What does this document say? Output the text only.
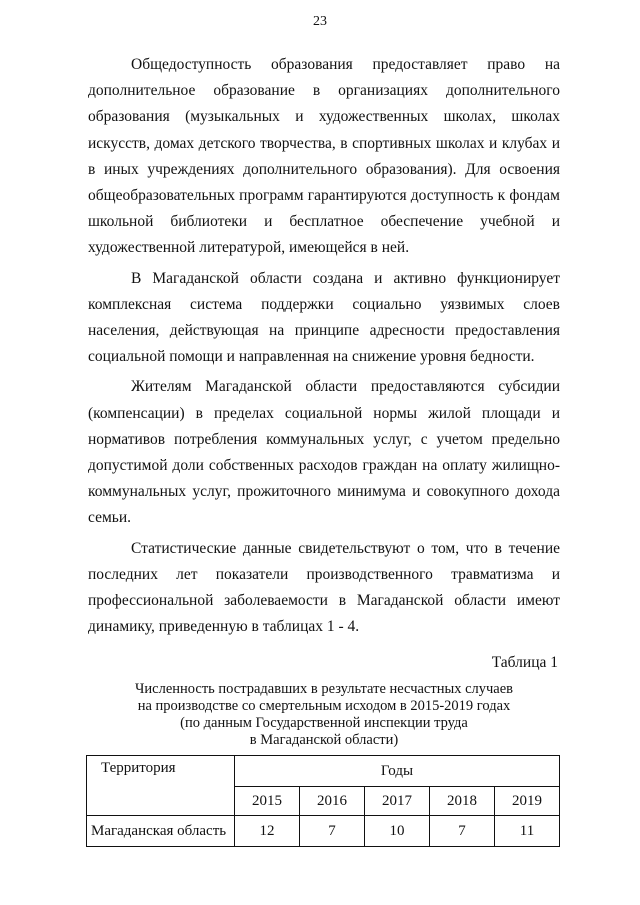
23

Общедоступность образования предоставляет право на дополнительное образование в организациях дополнительного образования (музыкальных и художественных школах, школах искусств, домах детского творчества, в спортивных школах и клубах и в иных учреждениях дополнительного образования). Для освоения общеобразовательных программ гарантируются доступность к фондам школьной библиотеки и бесплатное обеспечение учебной и художественной литературой, имеющейся в ней.

В Магаданской области создана и активно функционирует комплексная система поддержки социально уязвимых слоев населения, действующая на принципе адресности предоставления социальной помощи и направленная на снижение уровня бедности.

Жителям Магаданской области предоставляются субсидии (компенсации) в пределах социальной нормы жилой площади и нормативов потребления коммунальных услуг, с учетом предельно допустимой доли собственных расходов граждан на оплату жилищно-коммунальных услуг, прожиточного минимума и совокупного дохода семьи.

Статистические данные свидетельствуют о том, что в течение последних лет показатели производственного травматизма и профессиональной заболеваемости в Магаданской области имеют динамику, приведенную в таблицах 1 - 4.

Таблица 1
Численность пострадавших в результате несчастных случаев
на производстве со смертельным исходом в 2015-2019 годах
(по данным Государственной инспекции труда
в Магаданской области)
Территория	Годы				
	2015	2016	2017	2018	2019
Магаданская область	12	7	10	7	11
